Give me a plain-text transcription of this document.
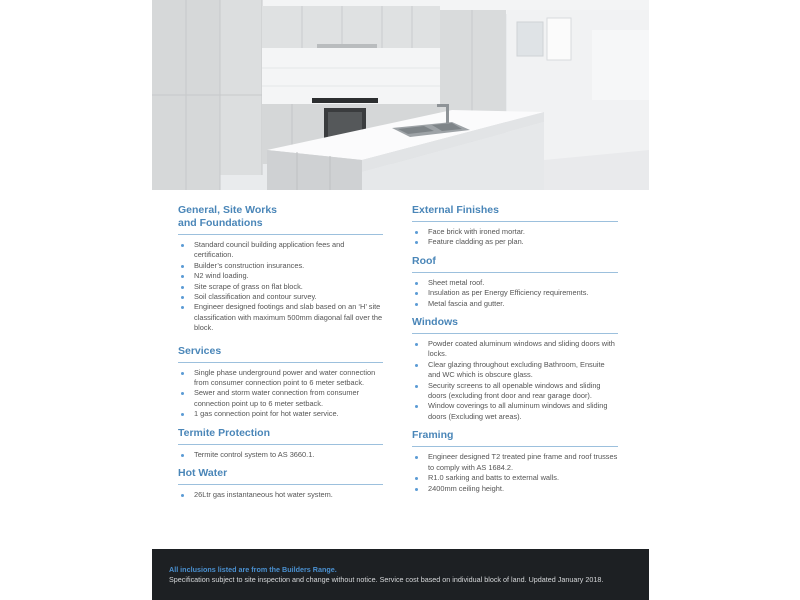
General, Site Works
and Foundations
Standard council building application fees and certification.
Builder’s construction insurances.
N2 wind loading.
Site scrape of grass on flat block.
Soil classification and contour survey.
Engineer designed footings and slab based on an ‘H’ site classification with maximum 500mm diagonal fall over the block.
Services
Single phase underground power and water connection from consumer connection point to 6 meter setback.
Sewer and storm water connection from consumer connection point up to 6 meter setback.
1 gas connection point for hot water service.
Termite Protection
Termite control system to AS 3660.1.
Hot Water
26Ltr gas instantaneous hot water system.
External Finishes
Face brick with ironed mortar.
Feature cladding as per plan.
Roof
Sheet metal roof.
Insulation as per Energy Efficiency requirements.
Metal fascia and gutter.
Windows
Powder coated aluminum windows and sliding doors with locks.
Clear glazing throughout excluding Bathroom, Ensuite and WC which is obscure glass.
Security screens to all openable windows and sliding doors (excluding front door and rear garage door).
Window coverings to all aluminum windows and sliding doors (Excluding wet areas).
Framing
Engineer designed T2 treated pine frame and roof trusses to comply with AS 1684.2.
R1.0 sarking and batts to external walls.
2400mm ceiling height.
All inclusions listed are from the Builders Range.
Specification subject to site inspection and change without notice. Service cost based on individual block of land. Updated January 2018.
